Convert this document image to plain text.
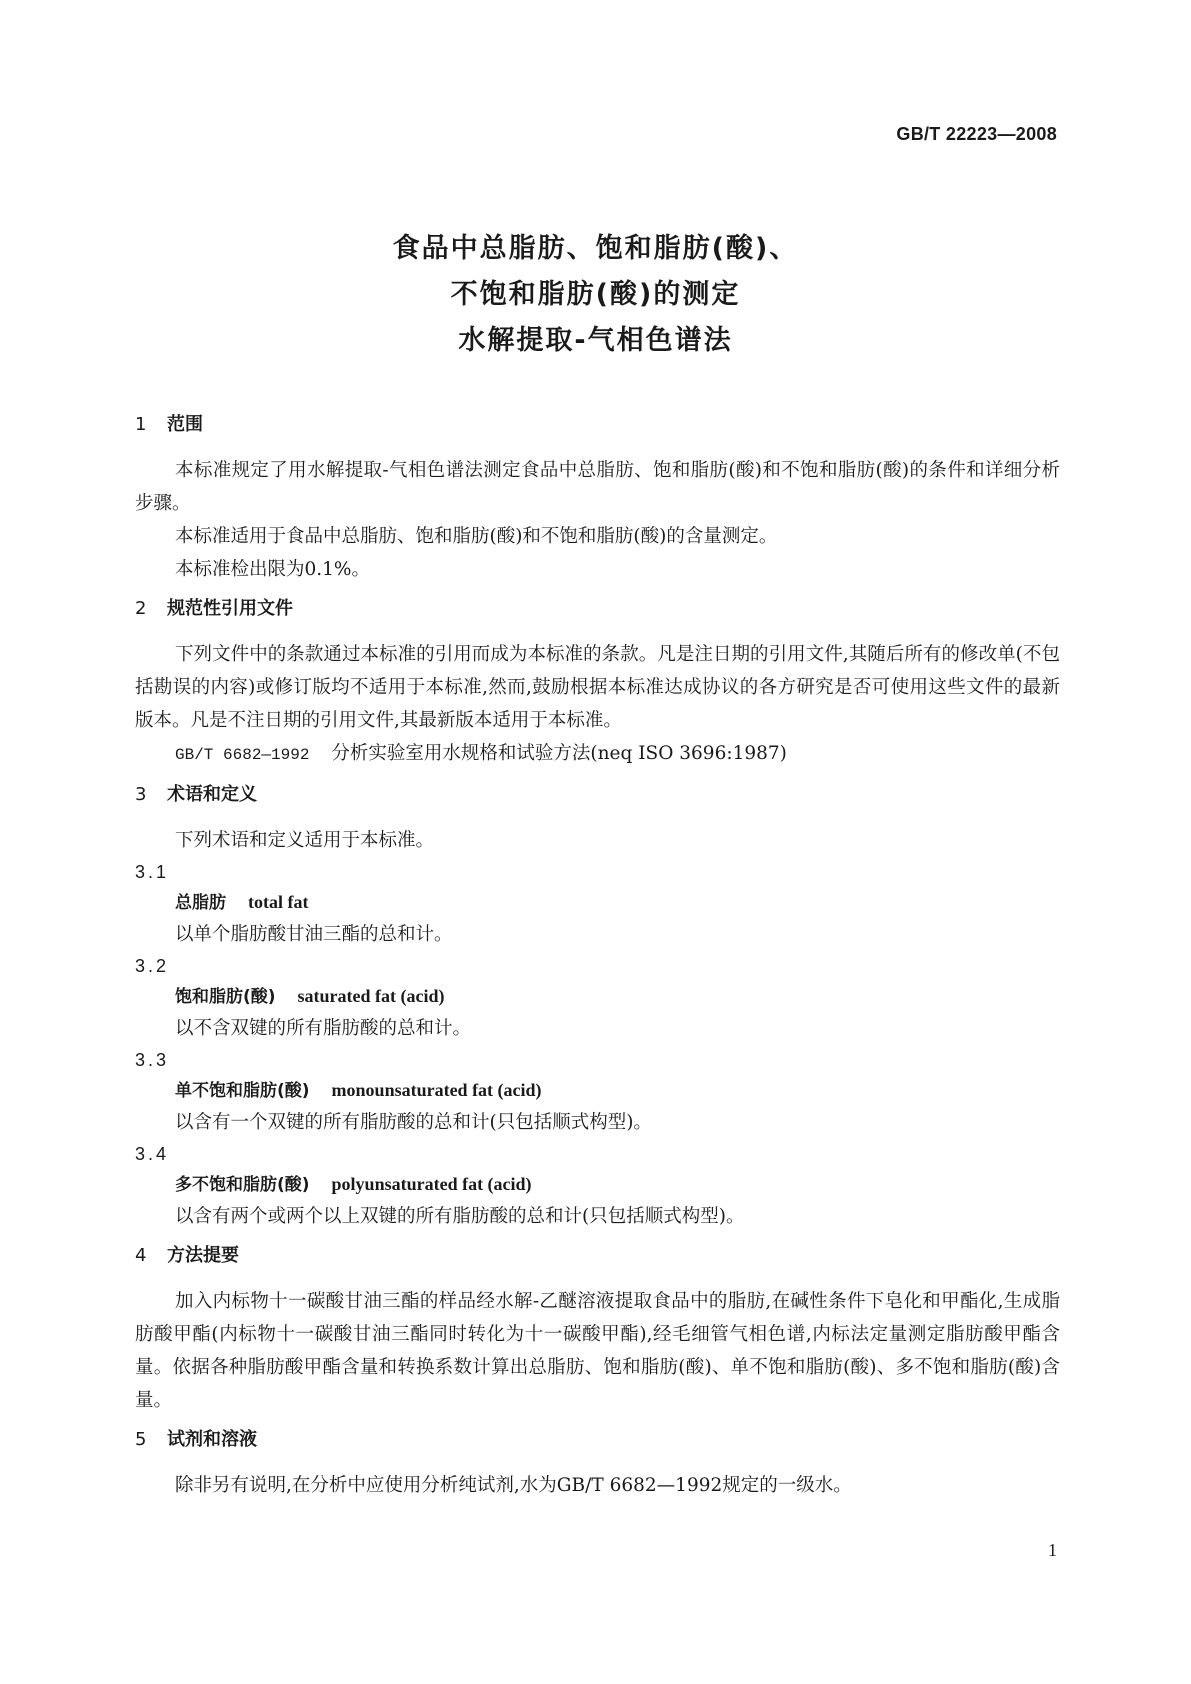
GB/T 22223—2008
食品中总脂肪、饱和脂肪(酸)、
不饱和脂肪(酸)的测定
水解提取-气相色谱法
1 范围

本标准规定了用水解提取-气相色谱法测定食品中总脂肪、饱和脂肪(酸)和不饱和脂肪(酸)的条件和详细分析步骤。

本标准适用于食品中总脂肪、饱和脂肪(酸)和不饱和脂肪(酸)的含量测定。

本标准检出限为0.1%。

2 规范性引用文件

下列文件中的条款通过本标准的引用而成为本标准的条款。凡是注日期的引用文件,其随后所有的修改单(不包括勘误的内容)或修订版均不适用于本标准,然而,鼓励根据本标准达成协议的各方研究是否可使用这些文件的最新版本。凡是不注日期的引用文件,其最新版本适用于本标准。

GB/T 6682—1992 分析实验室用水规格和试验方法(neq ISO 3696:1987)

3 术语和定义

下列术语和定义适用于本标准。

3.1
总脂肪 total fat
以单个脂肪酸甘油三酯的总和计。
3.2
饱和脂肪(酸) saturated fat (acid)
以不含双键的所有脂肪酸的总和计。
3.3
单不饱和脂肪(酸) monounsaturated fat (acid)
以含有一个双键的所有脂肪酸的总和计(只包括顺式构型)。
3.4
多不饱和脂肪(酸) polyunsaturated fat (acid)
以含有两个或两个以上双键的所有脂肪酸的总和计(只包括顺式构型)。
4 方法提要

加入内标物十一碳酸甘油三酯的样品经水解-乙醚溶液提取食品中的脂肪,在碱性条件下皂化和甲酯化,生成脂肪酸甲酯(内标物十一碳酸甘油三酯同时转化为十一碳酸甲酯),经毛细管气相色谱,内标法定量测定脂肪酸甲酯含量。依据各种脂肪酸甲酯含量和转换系数计算出总脂肪、饱和脂肪(酸)、单不饱和脂肪(酸)、多不饱和脂肪(酸)含量。

5 试剂和溶液

除非另有说明,在分析中应使用分析纯试剂,水为GB/T 6682—1992规定的一级水。

1
